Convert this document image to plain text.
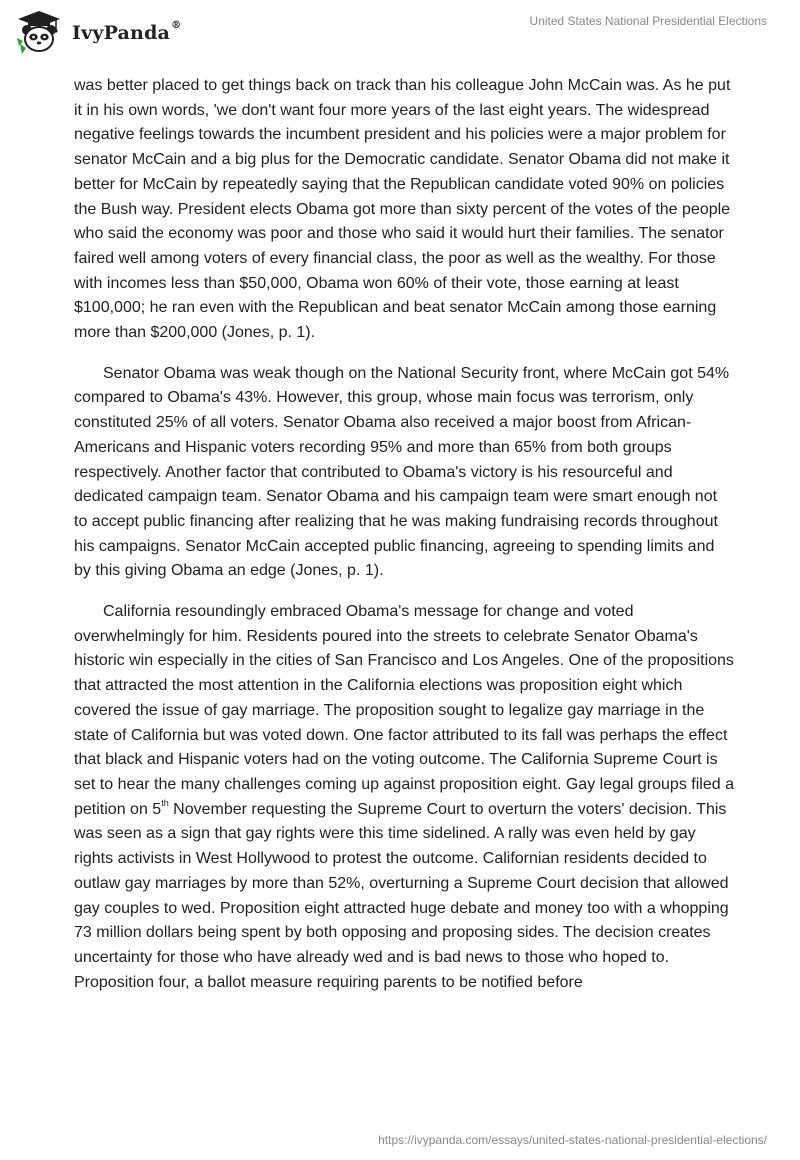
IvyPanda ®	United States National Presidential Elections

was better placed to get things back on track than his colleague John McCain was. As he put it in his own words, 'we don't want four more years of the last eight years. The widespread negative feelings towards the incumbent president and his policies were a major problem for senator McCain and a big plus for the Democratic candidate. Senator Obama did not make it better for McCain by repeatedly saying that the Republican candidate voted 90% on policies the Bush way. President elects Obama got more than sixty percent of the votes of the people who said the economy was poor and those who said it would hurt their families. The senator faired well among voters of every financial class, the poor as well as the wealthy. For those with incomes less than $50,000, Obama won 60% of their vote, those earning at least $100,000; he ran even with the Republican and beat senator McCain among those earning more than $200,000 (Jones, p. 1).

Senator Obama was weak though on the National Security front, where McCain got 54% compared to Obama's 43%. However, this group, whose main focus was terrorism, only constituted 25% of all voters. Senator Obama also received a major boost from African-Americans and Hispanic voters recording 95% and more than 65% from both groups respectively. Another factor that contributed to Obama's victory is his resourceful and dedicated campaign team. Senator Obama and his campaign team were smart enough not to accept public financing after realizing that he was making fundraising records throughout his campaigns. Senator McCain accepted public financing, agreeing to spending limits and by this giving Obama an edge (Jones, p. 1).

California resoundingly embraced Obama's message for change and voted overwhelmingly for him. Residents poured into the streets to celebrate Senator Obama's historic win especially in the cities of San Francisco and Los Angeles. One of the propositions that attracted the most attention in the California elections was proposition eight which covered the issue of gay marriage. The proposition sought to legalize gay marriage in the state of California but was voted down. One factor attributed to its fall was perhaps the effect that black and Hispanic voters had on the voting outcome. The California Supreme Court is set to hear the many challenges coming up against proposition eight. Gay legal groups filed a petition on 5th November requesting the Supreme Court to overturn the voters' decision. This was seen as a sign that gay rights were this time sidelined. A rally was even held by gay rights activists in West Hollywood to protest the outcome. Californian residents decided to outlaw gay marriages by more than 52%, overturning a Supreme Court decision that allowed gay couples to wed. Proposition eight attracted huge debate and money too with a whopping 73 million dollars being spent by both opposing and proposing sides. The decision creates uncertainty for those who have already wed and is bad news to those who hoped to. Proposition four, a ballot measure requiring parents to be notified before

https://ivypanda.com/essays/united-states-national-presidential-elections/
